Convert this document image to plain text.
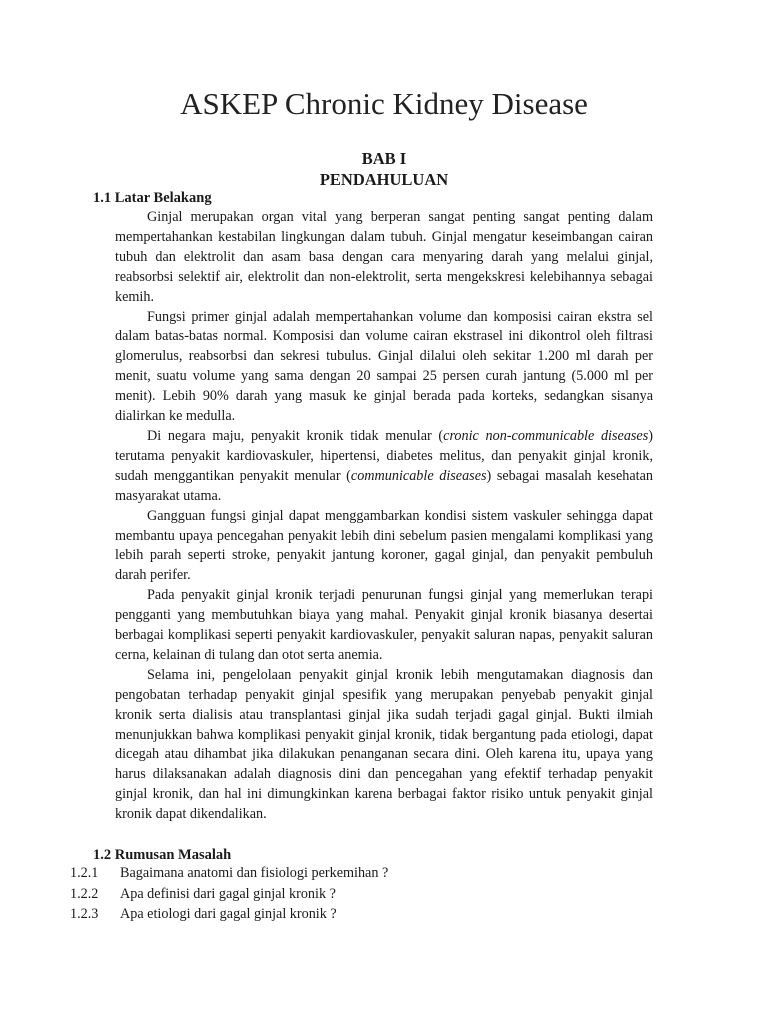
ASKEP Chronic Kidney Disease
BAB I
PENDAHULUAN
1.1 Latar Belakang

Ginjal merupakan organ vital yang berperan sangat penting sangat penting dalam mempertahankan kestabilan lingkungan dalam tubuh. Ginjal mengatur keseimbangan cairan tubuh dan elektrolit dan asam basa dengan cara menyaring darah yang melalui ginjal, reabsorbsi selektif air, elektrolit dan non-elektrolit, serta mengekskresi kelebihannya sebagai kemih.

Fungsi primer ginjal adalah mempertahankan volume dan komposisi cairan ekstra sel dalam batas-batas normal. Komposisi dan volume cairan ekstrasel ini dikontrol oleh filtrasi glomerulus, reabsorbsi dan sekresi tubulus. Ginjal dilalui oleh sekitar 1.200 ml darah per menit, suatu volume yang sama dengan 20 sampai 25 persen curah jantung (5.000 ml per menit). Lebih 90% darah yang masuk ke ginjal berada pada korteks, sedangkan sisanya dialirkan ke medulla.

Di negara maju, penyakit kronik tidak menular (cronic non-communicable diseases) terutama penyakit kardiovaskuler, hipertensi, diabetes melitus, dan penyakit ginjal kronik, sudah menggantikan penyakit menular (communicable diseases) sebagai masalah kesehatan masyarakat utama.

Gangguan fungsi ginjal dapat menggambarkan kondisi sistem vaskuler sehingga dapat membantu upaya pencegahan penyakit lebih dini sebelum pasien mengalami komplikasi yang lebih parah seperti stroke, penyakit jantung koroner, gagal ginjal, dan penyakit pembuluh darah perifer.

Pada penyakit ginjal kronik terjadi penurunan fungsi ginjal yang memerlukan terapi pengganti yang membutuhkan biaya yang mahal. Penyakit ginjal kronik biasanya desertai berbagai komplikasi seperti penyakit kardiovaskuler, penyakit saluran napas, penyakit saluran cerna, kelainan di tulang dan otot serta anemia.

Selama ini, pengelolaan penyakit ginjal kronik lebih mengutamakan diagnosis dan pengobatan terhadap penyakit ginjal spesifik yang merupakan penyebab penyakit ginjal kronik serta dialisis atau transplantasi ginjal jika sudah terjadi gagal ginjal. Bukti ilmiah menunjukkan bahwa komplikasi penyakit ginjal kronik, tidak bergantung pada etiologi, dapat dicegah atau dihambat jika dilakukan penanganan secara dini. Oleh karena itu, upaya yang harus dilaksanakan adalah diagnosis dini dan pencegahan yang efektif terhadap penyakit ginjal kronik, dan hal ini dimungkinkan karena berbagai faktor risiko untuk penyakit ginjal kronik dapat dikendalikan.

1.2 Rumusan Masalah
1.2.1	Bagaimana anatomi dan fisiologi perkemihan ?
1.2.2	Apa definisi dari gagal ginjal kronik ?
1.2.3	Apa etiologi dari gagal ginjal kronik ?
